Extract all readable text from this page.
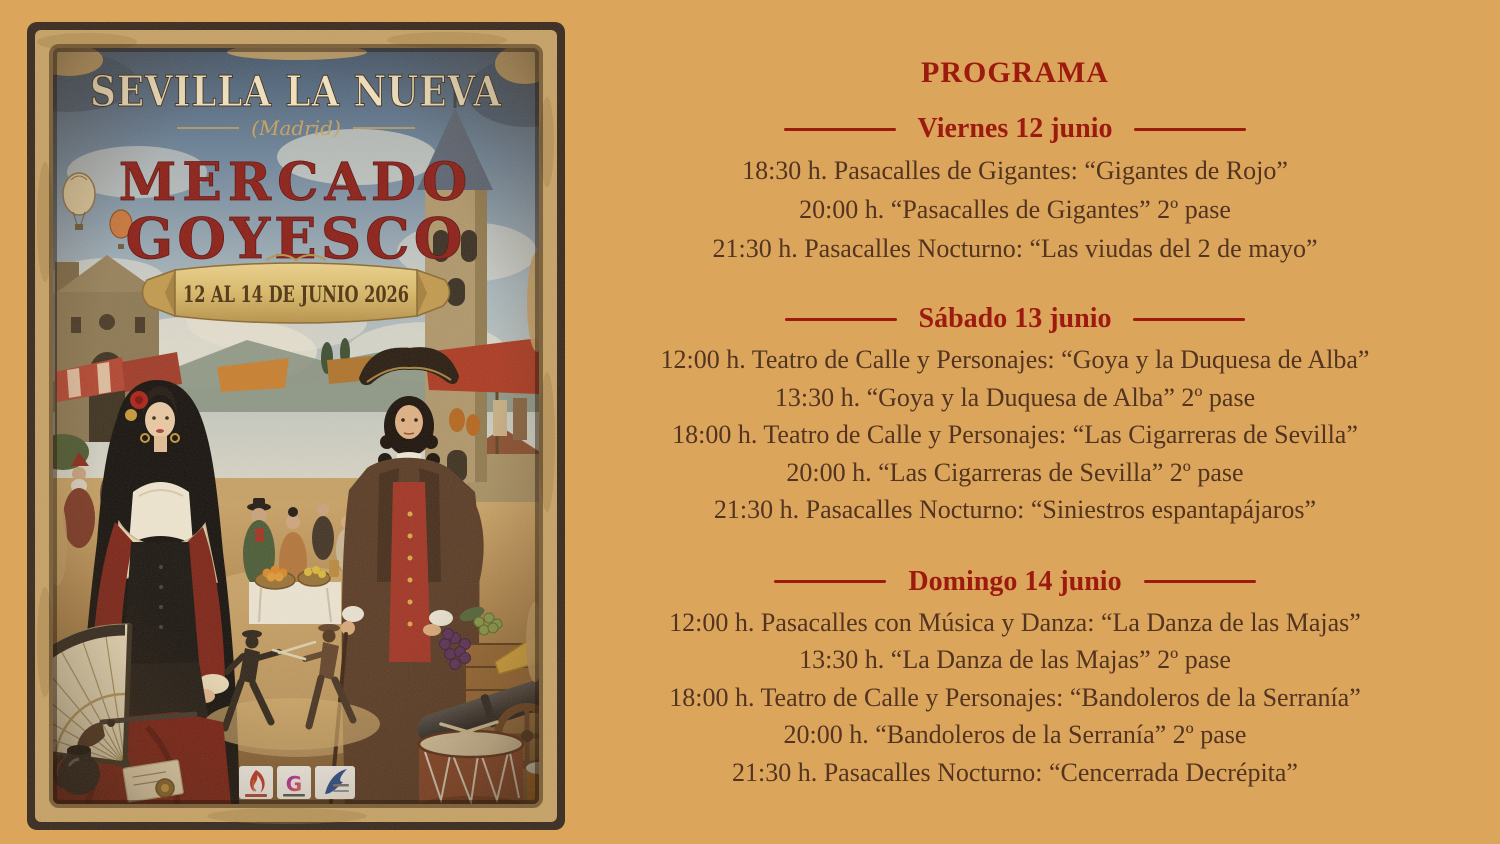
PROGRAMA
Viernes 12 junio
18:30 h. Pasacalles de Gigantes: “Gigantes de Rojo”
20:00 h. “Pasacalles de Gigantes” 2º pase
21:30 h. Pasacalles Nocturno: “Las viudas del 2 de mayo”
Sábado 13 junio
12:00 h. Teatro de Calle y Personajes: “Goya y la Duquesa de Alba”
13:30 h. “Goya y la Duquesa de Alba” 2º pase
18:00 h. Teatro de Calle y Personajes: “Las Cigarreras de Sevilla”
20:00 h. “Las Cigarreras de Sevilla” 2º pase
21:30 h. Pasacalles Nocturno: “Siniestros espantapájaros”
Domingo 14 junio
12:00 h. Pasacalles con Música y Danza: “La Danza de las Majas”
13:30 h. “La Danza de las Majas” 2º pase
18:00 h. Teatro de Calle y Personajes: “Bandoleros de la Serranía”
20:00 h. “Bandoleros de la Serranía” 2º pase
21:30 h. Pasacalles Nocturno: “Cencerrada Decrépita”
